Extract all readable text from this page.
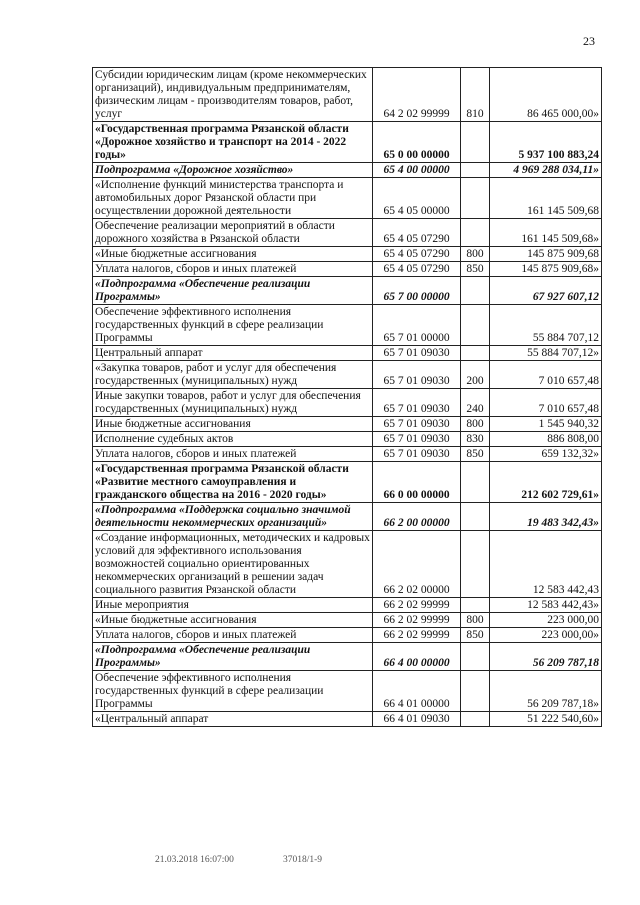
23
Субсидии юридическим лицам (кроме некоммерческих организаций), индивидуальным предпринимателям, физическим лицам - производителям товаров, работ, услуг	64 2 02 99999	810	86 465 000,00»
«Государственная программа Рязанской области «Дорожное хозяйство и транспорт на 2014 - 2022 годы»	65 0 00 00000		5 937 100 883,24
Подпрограмма «Дорожное хозяйство»	65 4 00 00000		4 969 288 034,11»
«Исполнение функций министерства транспорта и автомобильных дорог Рязанской области при осуществлении дорожной деятельности	65 4 05 00000		161 145 509,68
Обеспечение реализации мероприятий в области дорожного хозяйства в Рязанской области	65 4 05 07290		161 145 509,68»
«Иные бюджетные ассигнования	65 4 05 07290	800	145 875 909,68
Уплата налогов, сборов и иных платежей	65 4 05 07290	850	145 875 909,68»
«Подпрограмма «Обеспечение реализации Программы»	65 7 00 00000		67 927 607,12
Обеспечение эффективного исполнения государственных функций в сфере реализации Программы	65 7 01 00000		55 884 707,12
Центральный аппарат	65 7 01 09030		55 884 707,12»
«Закупка товаров, работ и услуг для обеспечения государственных (муниципальных) нужд	65 7 01 09030	200	7 010 657,48
Иные закупки товаров, работ и услуг для обеспечения государственных (муниципальных) нужд	65 7 01 09030	240	7 010 657,48
Иные бюджетные ассигнования	65 7 01 09030	800	1 545 940,32
Исполнение судебных актов	65 7 01 09030	830	886 808,00
Уплата налогов, сборов и иных платежей	65 7 01 09030	850	659 132,32»
«Государственная программа Рязанской области «Развитие местного самоуправления и гражданского общества на 2016 - 2020 годы»	66 0 00 00000		212 602 729,61»
«Подпрограмма «Поддержка социально значимой деятельности некоммерческих организаций»	66 2 00 00000		19 483 342,43»
«Создание информационных, методических и кадровых условий для эффективного использования возможностей социально ориентированных некоммерческих организаций в решении задач социального развития Рязанской области	66 2 02 00000		12 583 442,43
Иные мероприятия	66 2 02 99999		12 583 442,43»
«Иные бюджетные ассигнования	66 2 02 99999	800	223 000,00
Уплата налогов, сборов и иных платежей	66 2 02 99999	850	223 000,00»
«Подпрограмма «Обеспечение реализации Программы»	66 4 00 00000		56 209 787,18
Обеспечение эффективного исполнения государственных функций в сфере реализации Программы	66 4 01 00000		56 209 787,18»
«Центральный аппарат	66 4 01 09030		51 222 540,60»
21.03.2018 16:07:00	37018/1-9
